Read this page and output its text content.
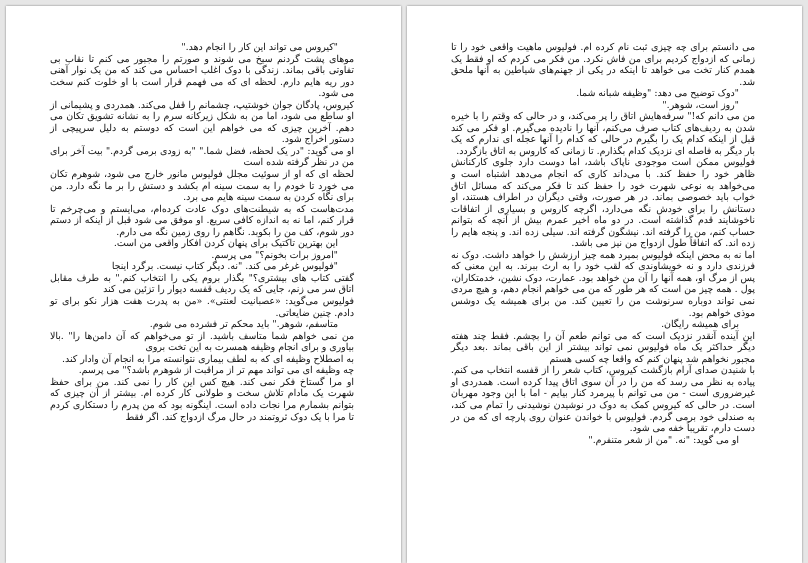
"کیروس می تواند این کار را انجام دهد."

موهای پشت گردنم سیخ می شوند و صورتم را مجبور می کنم تا نقاب بی تفاوتی باقی بماند. زندگی با دوک اغلب احساس می کند که من یک نوار آهنی دور ریه هایم دارم. لحظه ای که می فهمم قرار است با او خلوت کنم سخت می شود.

کیروس، پادگان جوان خوشتیپ، چشمانم را قفل می‌کند. همدردی و پشیمانی از او ساطع می شود، اما من به شکل زیرکانه سرم را به نشانه تشویق تکان می دهم. آخرین چیزی که می خواهم این است که دوستم به دلیل سرپیچی از دستور اخراج شود.

او می گوید: "در یک لحظه، فضل شما." "به زودی برمی گردم." بیت آخر برای من در نظر گرفته شده است

لحظه ای که او از سوئیت مجلل فولیوس مانور خارج می شود، شوهرم تکان می خورد تا خودم را به سمت سینه ام بکشد و دستش را بر ما نگه دارد. من برای نگاه کردن به سمت سینه هایم می برد.

مدت‌هاست که به شیطنت‌های دوک عادت کرده‌ام، می‌ایستم و می‌چرخم تا قرار کنم، اما نه به اندازه کافی سریع. او موفق می شود قبل از اینکه از دستم دور شوم، کف من را بکوبد. نگاهم را روی زمین نگه می دارم.

این بهترین تاکتیک برای پنهان کردن افکار واقعی من است.

"امروز برات بخونم؟" می پرسم.

"فولیوس غرغر می کند. "نه. دیگر کتاب نیست. برگرد اینجا

گفتی کتاب های بیشتری؟" بگذار بروم یکی را انتخاب کنم." به طرف مقابل اتاق سر می زنم، جایی که یک ردیف قفسه دیوار را تزئین می کند

فولیوس می‌گوید: «عصبانیت لعنتی». «من به پدرت هفت هزار نکو برای تو دادم. چنین ضایعاتی.

متاسفم، شوهر." باید محکم تر فشرده می شوم.

من نمی خواهم شما متاسف باشید. از تو می‌خواهم که آن دامن‌ها را" .بالا بیاوری و برای انجام وظیفه همسرت به این تخت بروی

به اصطلاح وظیفه ای که به لطف بیماری نتوانسته مرا به انجام آن وادار کند.

چه وظیفه ای می تواند مهم تر از مراقبت از شوهرم باشد؟" می پرسم.

او مرا گستاخ فکر نمی کند. هیچ کس این کار را نمی کند. من برای حفظ شهرت یک مادام تلاش سخت و طولانی کار کرده ام. بیشتر از آن چیزی که بتوانم بشمارم مرا نجات داده است. اینگونه بود که من پدرم را دستکاری کردم تا مرا با یک دوک ثروتمند در حال مرگ ازدواج کند. اگر فقط

می دانستم برای چه چیزی ثبت نام کرده ام. فولیوس ماهیت واقعی خود را تا زمانی که ازدواج کردیم برای من فاش نکرد. من فکر می کردم که او فقط یک همدم کنار تخت می خواهد تا اینکه در یکی از جهنم‌های شیاطین به آنها ملحق شد.

"دوک توضیح می دهد: "وظیفه شبانه شما.

"روز است، شوهر."

من می دانم که!" سرفه‌هایش اتاق را پر می‌کند، و در حالی که وقتم را با خیره شدن به ردیف‌های کتاب صرف می‌کنم، آنها را نادیده می‌گیرم. او فکر می کند قبل از اینکه کدام یک را بگیرم در حالی که کدام را آنها عجله ای ندارم که یک بار دیگر به فاصله ای نزدیک کدام بگذارم. تا زمانی که کاروس به اتاق بازگردد.

فولیوس ممکن است موجودی ناپاک باشد، اما دوست دارد جلوی کارکنانش ظاهر خود را حفظ کند. با می‌داند کاری که انجام می‌دهد اشتباه است و می‌خواهد به نوعی شهرت خود را حفظ کند تا فکر می‌کند که مسائل اتاق خواب باید خصوصی بماند. در هر صورت، وقتی دیگران در اطراف هستند، او دستانش را برای خودش نگه می‌دارد، اگرچه کاروس و بسیاری از اتفاقات ناخوشایند قدم گذاشته است. در دو ماه اخیر عمرم بیش از آنچه که بتوانم حساب کنم، من را گرفته اند. نیشگون گرفته اند. سیلی زده اند. و پنجه هایم را زده اند. که اتفاقاً طول ازدواج من نیز می باشد.

اما نه به محض اینکه فولیوس بمیرد همه چیز ارزشش را خواهد داشت. دوک نه فرزندی دارد و نه خویشاوندی که لقب خود را به ارث ببرند. به این معنی که پس از مرگ او، همه آنها را آن من خواهد بود. عمارت، دوک نشین، خدمتکاران، پول . همه چیز من است که هر طور که من می خواهم انجام دهم، و هیچ مردی نمی تواند دوباره سرنوشت من را تعیین کند. من برای همیشه یک دوشس موذی خواهم بود.

برای همیشه رایگان.

این آینده آنقدر نزدیک است که می توانم طعم آن را بچشم. فقط چند هفته دیگر حداکثر یک ماه فولیوس نمی تواند بیشتر از این باقی بماند .بعد دیگر مجبور نخواهم شد پنهان کنم که واقعا چه کسی هستم

با شنیدن صدای آرام بازگشت کیروس، کتاب شعر را از قفسه انتخاب می کنم. پیاده به نظر می رسد که من را در آن سوی اتاق پیدا کرده است. همدردی او غیرضروری است - من می توانم با پیرمرد کنار بیایم - اما با این وجود مهربان است. در حالی که کیروس کمک به دوک در نوشیدن نوشیدنی را تمام می کند، به صندلی خود برمی گردم. فولیوس با خواندن عنوان روی پارچه ای که من در دست دارم، تقریباً خفه می شود.

او می گوید: "نه. "من از شعر متنفرم."
